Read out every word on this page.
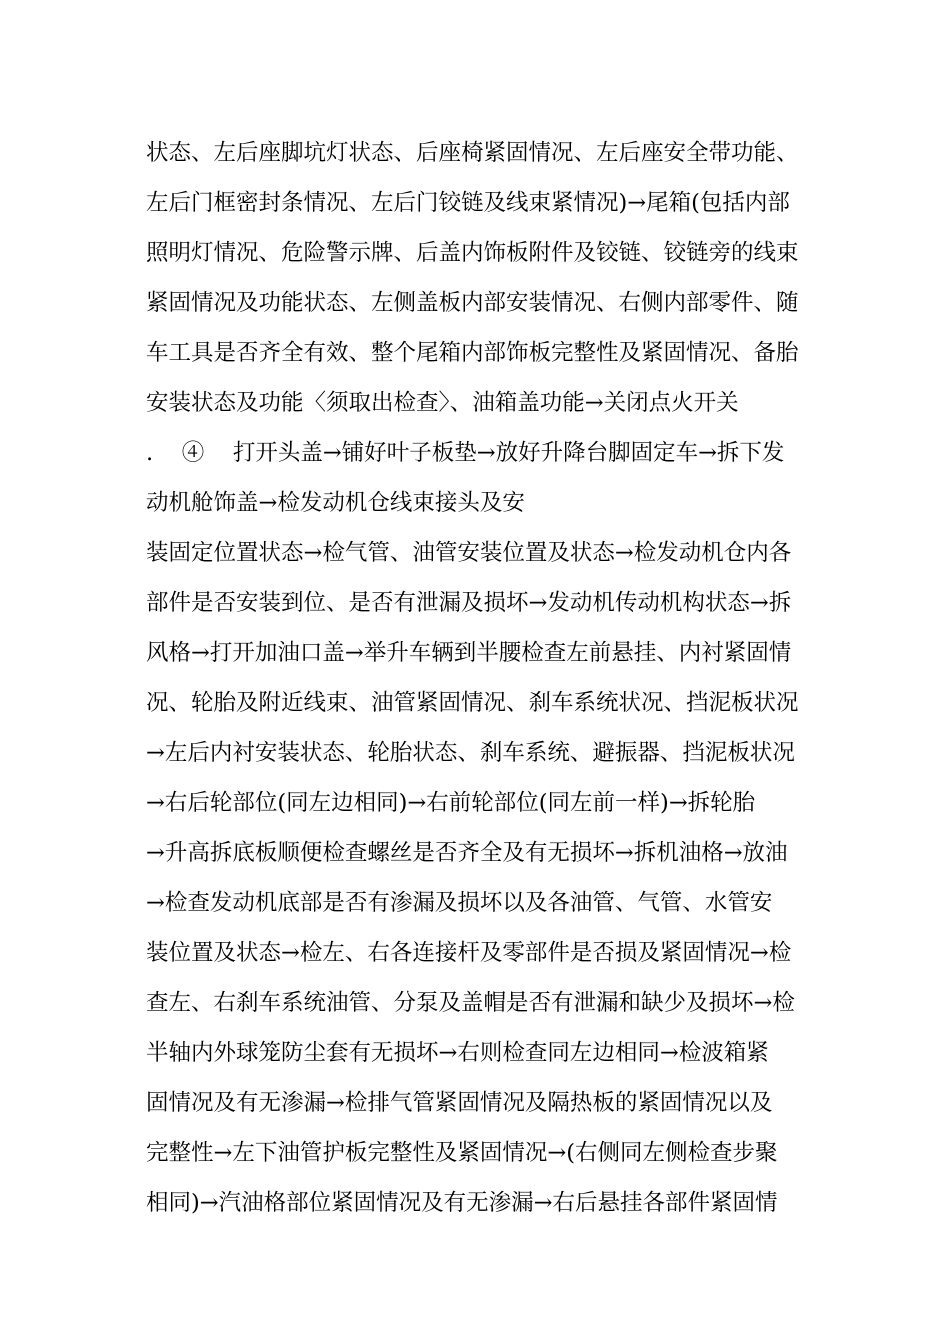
状态、左后座脚坑灯状态、后座椅紧固情况、左后座安全带功能、
左后门框密封条情况、左后门铰链及线束紧情况)→尾箱(包括内部
照明灯情况、危险警示牌、后盖内饰板附件及铰链、铰链旁的线束
紧固情况及功能状态、左侧盖板内部安装情况、右侧内部零件、随
车工具是否齐全有效、整个尾箱内部饰板完整性及紧固情况、备胎
安装状态及功能〈须取出检查〉、油箱盖功能→关闭点火开关
.    ④    打开头盖→铺好叶子板垫→放好升降台脚固定车→拆下发
动机舱饰盖→检发动机仓线束接头及安
装固定位置状态→检气管、油管安装位置及状态→检发动机仓内各
部件是否安装到位、是否有泄漏及损坏→发动机传动机构状态→拆
风格→打开加油口盖→举升车辆到半腰检查左前悬挂、内衬紧固情
况、轮胎及附近线束、油管紧固情况、刹车系统状况、挡泥板状况
→左后内衬安装状态、轮胎状态、刹车系统、避振器、挡泥板状况
→右后轮部位(同左边相同)→右前轮部位(同左前一样)→拆轮胎
→升高拆底板顺便检查螺丝是否齐全及有无损坏→拆机油格→放油
→检查发动机底部是否有渗漏及损坏以及各油管、气管、水管安
装位置及状态→检左、右各连接杆及零部件是否损及紧固情况→检
查左、右刹车系统油管、分泵及盖帽是否有泄漏和缺少及损坏→检
半轴内外球笼防尘套有无损坏→右则检查同左边相同→检波箱紧
固情况及有无渗漏→检排气管紧固情况及隔热板的紧固情况以及
完整性→左下油管护板完整性及紧固情况→(右侧同左侧检查步聚
相同)→汽油格部位紧固情况及有无渗漏→右后悬挂各部件紧固情
